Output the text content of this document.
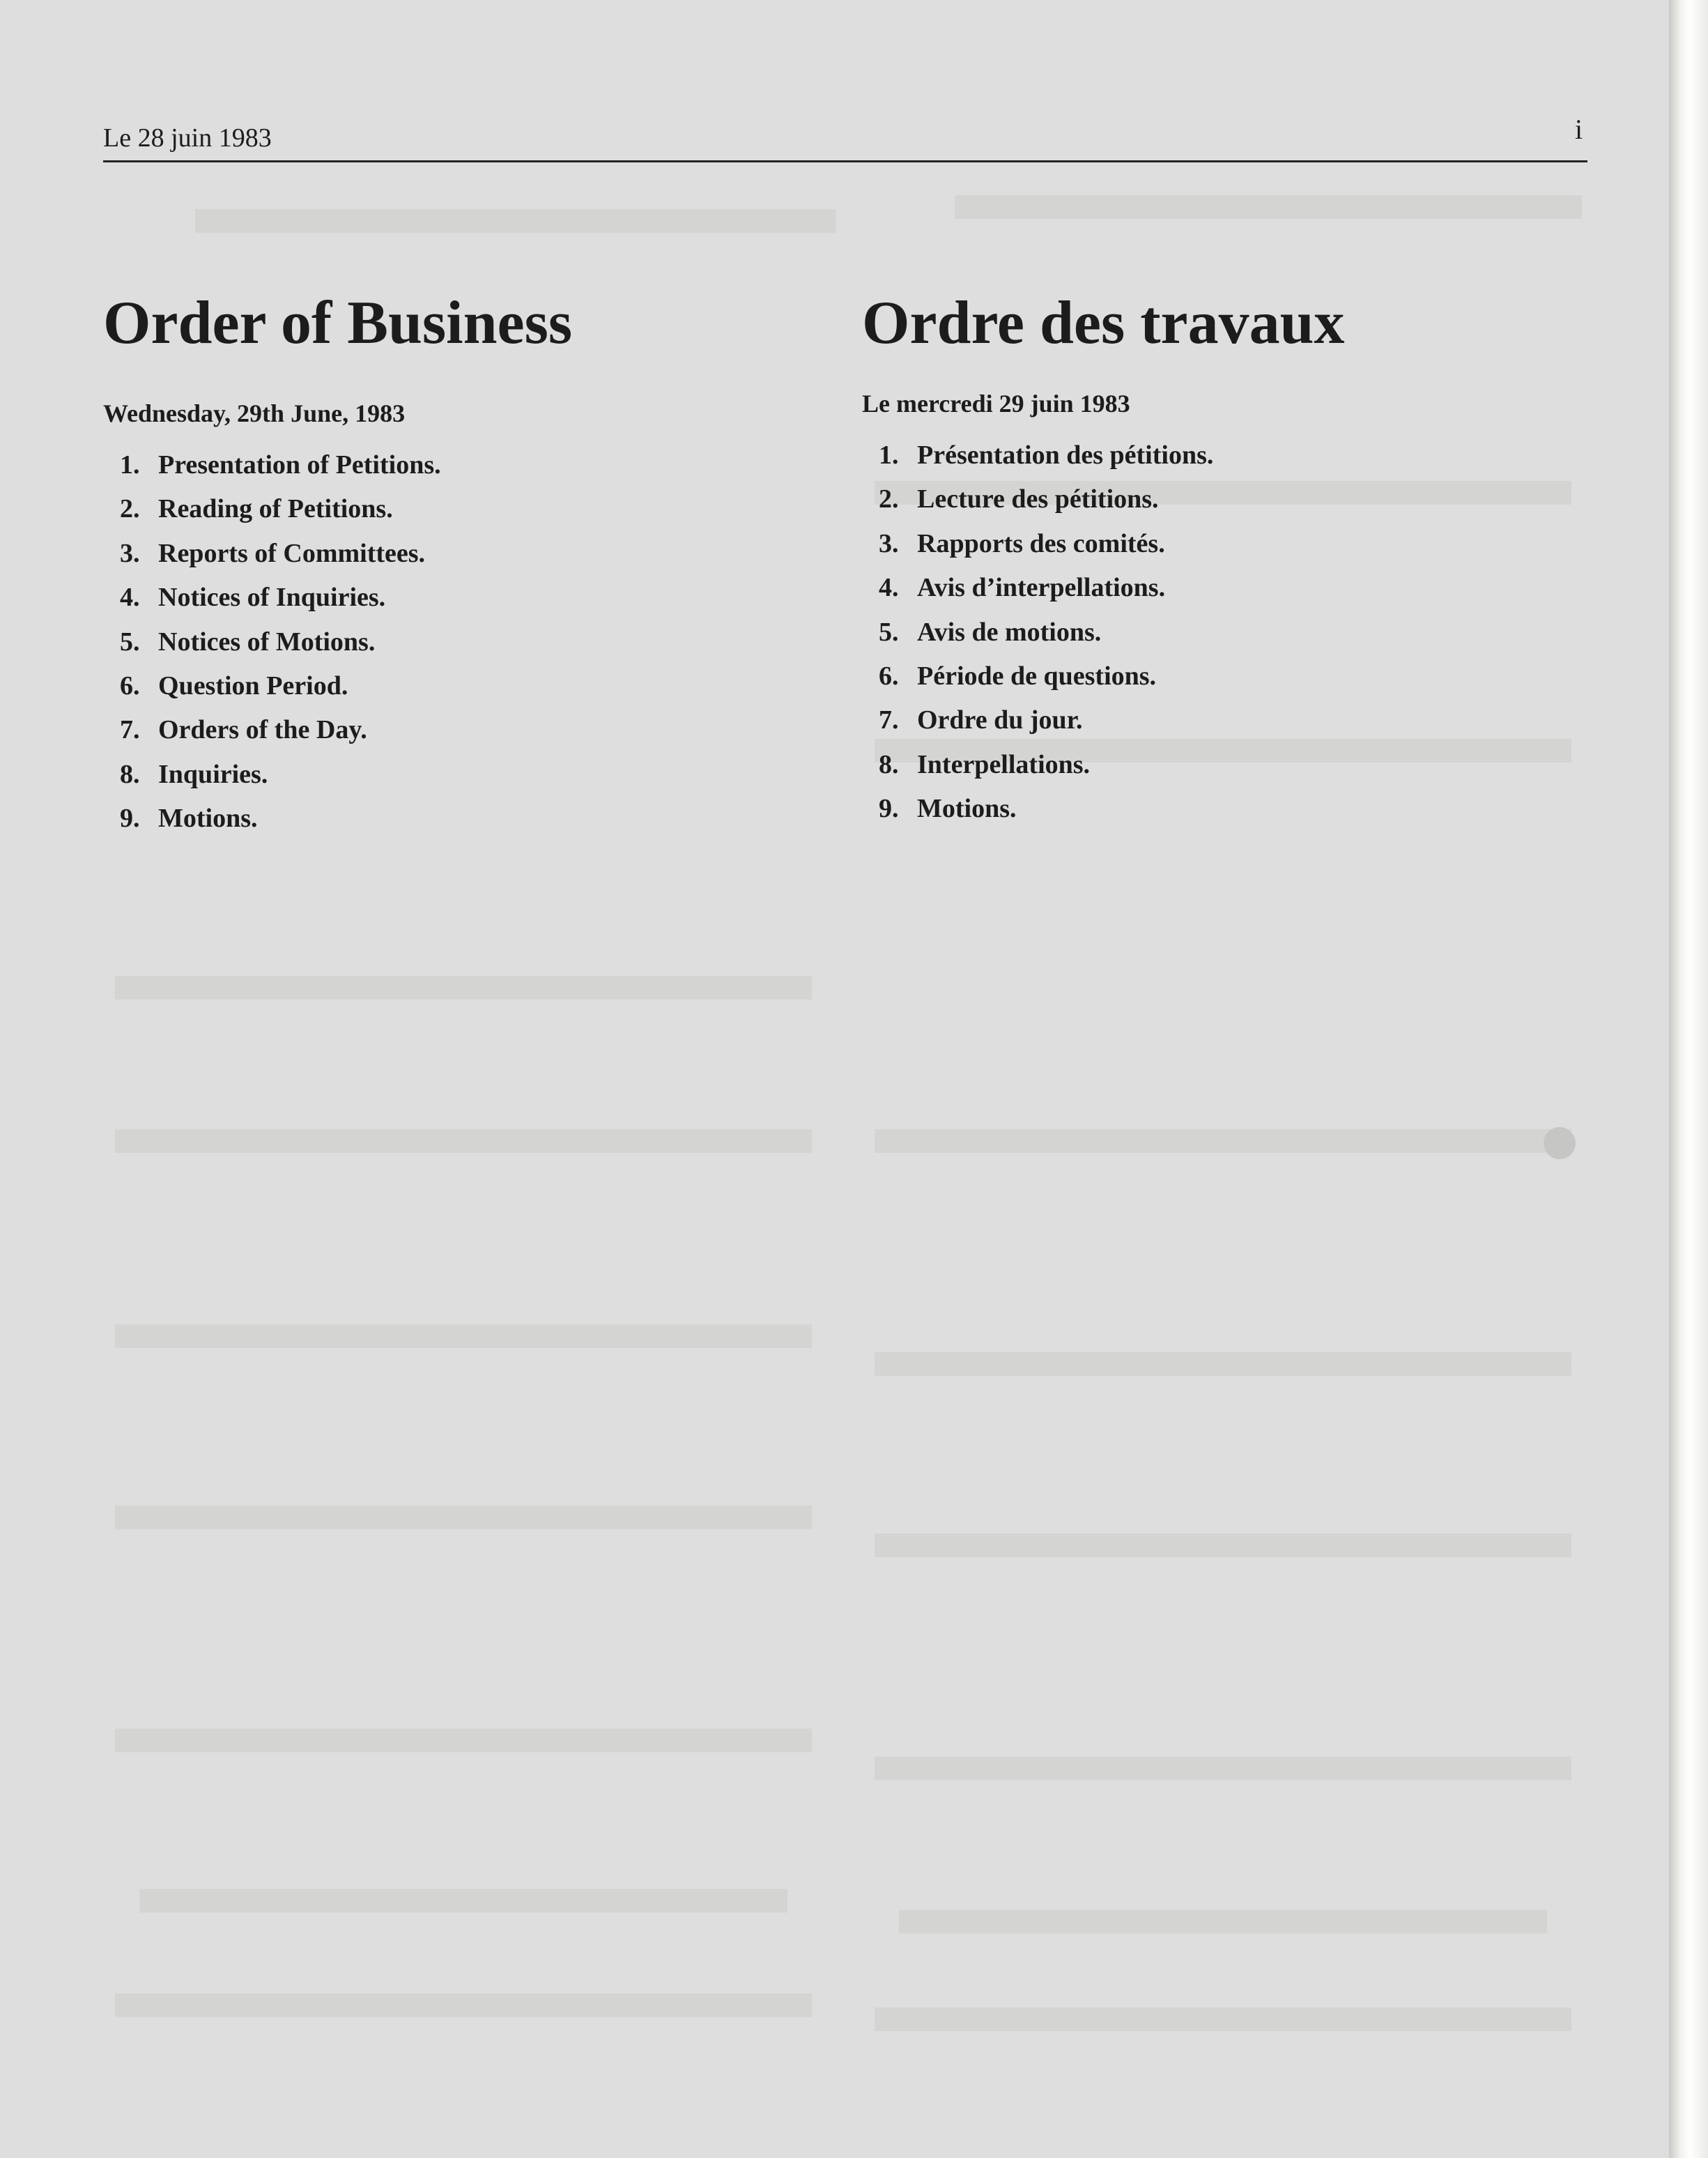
Le 28 juin 1983	i
Order of Business
Wednesday, 29th June, 1983
1. Presentation of Petitions.
2. Reading of Petitions.
3. Reports of Committees.
4. Notices of Inquiries.
5. Notices of Motions.
6. Question Period.
7. Orders of the Day.
8. Inquiries.
9. Motions.
Ordre des travaux
Le mercredi 29 juin 1983
1. Présentation des pétitions.
2. Lecture des pétitions.
3. Rapports des comités.
4. Avis d’interpellations.
5. Avis de motions.
6. Période de questions.
7. Ordre du jour.
8. Interpellations.
9. Motions.
